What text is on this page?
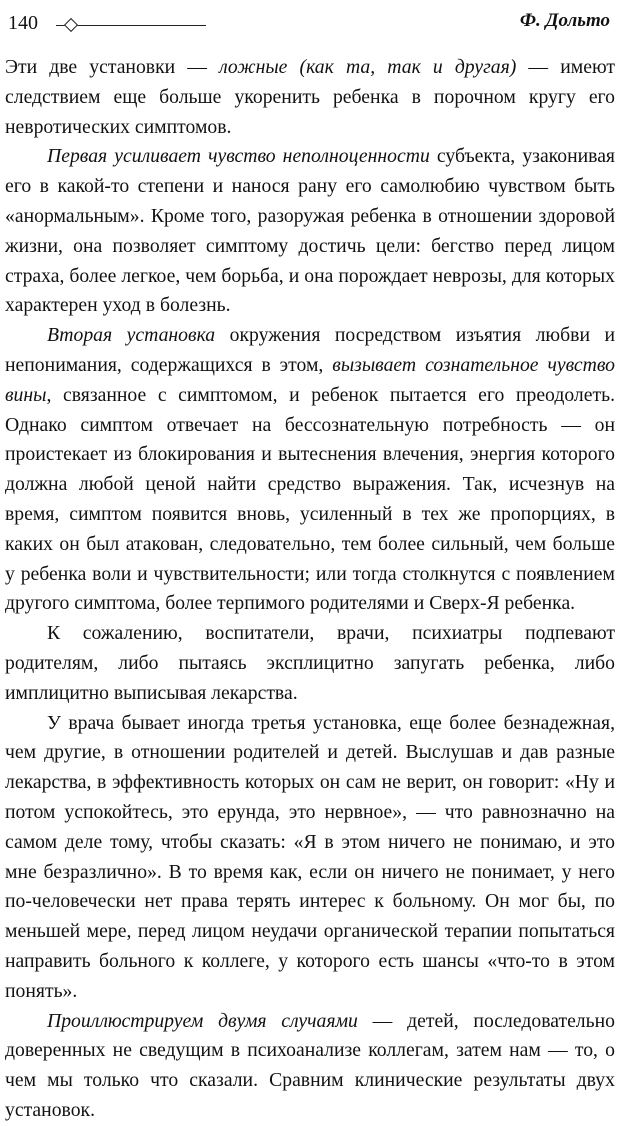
140	Ф. Дольто

Эти две установки — ложные (как та, так и другая) — имеют следствием еще больше укоренить ребенка в порочном кругу его невротических симптомов.

Первая усиливает чувство неполноценности субъекта, узаконивая его в какой-то степени и нанося рану его самолюбию чувством быть «анормальным». Кроме того, разоружая ребенка в отношении здоровой жизни, она позволяет симптому достичь цели: бегство перед лицом страха, более легкое, чем борьба, и она порождает неврозы, для которых характерен уход в болезнь.

Вторая установка окружения посредством изъятия любви и непонимания, содержащихся в этом, вызывает сознательное чувство вины, связанное с симптомом, и ребенок пытается его преодолеть. Однако симптом отвечает на бессознательную потребность — он проистекает из блокирования и вытеснения влечения, энергия которого должна любой ценой найти средство выражения. Так, исчезнув на время, симптом появится вновь, усиленный в тех же пропорциях, в каких он был атакован, следовательно, тем более сильный, чем больше у ребенка воли и чувствительности; или тогда столкнутся с появлением другого симптома, более терпимого родителями и Сверх-Я ребенка.

К сожалению, воспитатели, врачи, психиатры подпевают родителям, либо пытаясь эксплицитно запугать ребенка, либо имплицитно выписывая лекарства.

У врача бывает иногда третья установка, еще более безнадежная, чем другие, в отношении родителей и детей. Выслушав и дав разные лекарства, в эффективность которых он сам не верит, он говорит: «Ну и потом успокойтесь, это ерунда, это нервное», — что равнозначно на самом деле тому, чтобы сказать: «Я в этом ничего не понимаю, и это мне безразлично». В то время как, если он ничего не понимает, у него по-человечески нет права терять интерес к больному. Он мог бы, по меньшей мере, перед лицом неудачи органической терапии попытаться направить больного к коллеге, у которого есть шансы «что-то в этом понять».

Проиллюстрируем двумя случаями — детей, последовательно доверенных не сведущим в психоанализе коллегам, затем нам — то, о чем мы только что сказали. Сравним клинические результаты двух установок.
